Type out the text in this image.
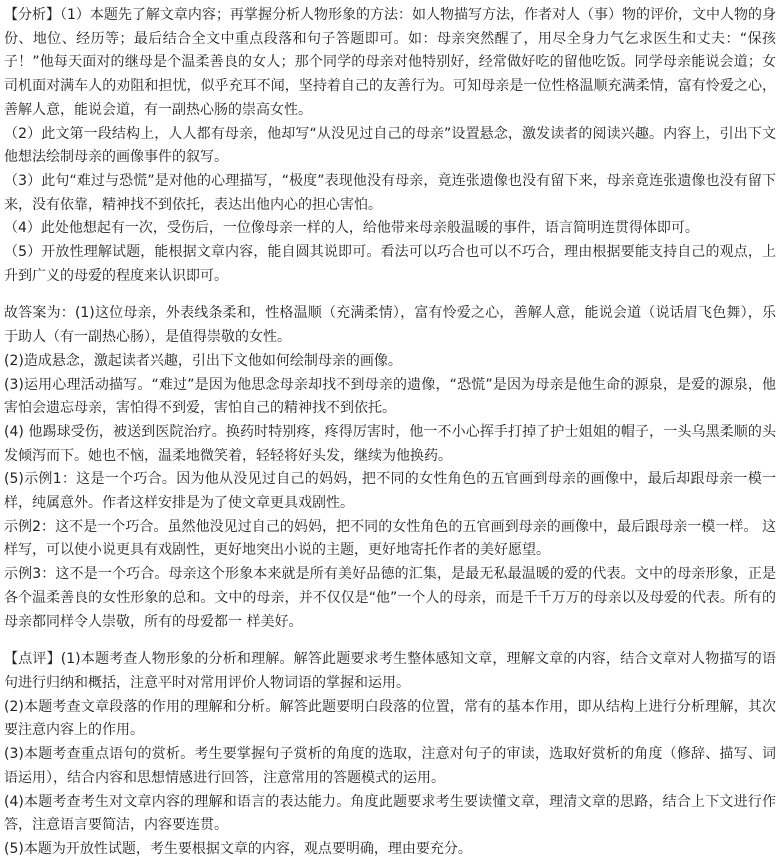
【分析】（1）本题先了解文章内容；再掌握分析人物形象的方法：如人物描写方法，作者对人（事）物的评价，文中人物的身份、地位、经历等；最后结合全文中重点段落和句子答题即可。如：母亲突然醒了，用尽全身力气乞求医生和丈夫：“保孩子！”他每天面对的继母是个温柔善良的女人；那个同学的母亲对他特别好，经常做好吃的留他吃饭。同学母亲能说会道；女司机面对满车人的劝阻和担忧，似乎充耳不闻，坚持着自己的友善行为。可知母亲是一位性格温顺充满柔情，富有怜爱之心，善解人意，能说会道，有一副热心肠的崇高女性。

（2）此文第一段结构上，人人都有母亲，他却写“从没见过自己的母亲”设置悬念，激发读者的阅读兴趣。内容上，引出下文他想法绘制母亲的画像事件的叙写。

（3）此句“难过与恐慌”是对他的心理描写，“极度”表现他没有母亲，竟连张遗像也没有留下来，母亲竟连张遗像也没有留下来，没有依靠，精神找不到依托，表达出他内心的担心害怕。

（4）此处他想起有一次，受伤后，一位像母亲一样的人，给他带来母亲般温暖的事件，语言简明连贯得体即可。

（5）开放性理解试题，能根据文章内容，能自圆其说即可。看法可以巧合也可以不巧合，理由根据要能支持自己的观点，上升到广义的母爱的程度来认识即可。

故答案为：(1)这位母亲，外表线条柔和，性格温顺（充满柔情），富有怜爱之心，善解人意，能说会道（说话眉飞色舞），乐于助人（有一副热心肠），是值得崇敬的女性。

(2)造成悬念，激起读者兴趣，引出下文他如何绘制母亲的画像。

(3)运用心理活动描写。“难过”是因为他思念母亲却找不到母亲的遗像，“恐慌”是因为母亲是他生命的源泉，是爱的源泉，他害怕会遗忘母亲，害怕得不到爱，害怕自己的精神找不到依托。

(4) 他踢球受伤，被送到医院治疗。换药时特别疼，疼得厉害时，他一不小心挥手打掉了护士姐姐的帽子，一头乌黑柔顺的头发倾泻而下。她也不恼，温柔地微笑着，轻轻将好头发，继续为他换药。

(5)示例1：这是一个巧合。因为他从没见过自己的妈妈，把不同的女性角色的五官画到母亲的画像中，最后却跟母亲一模一样，纯属意外。作者这样安排是为了使文章更具戏剧性。

示例2：这不是一个巧合。虽然他没见过自己的妈妈，把不同的女性角色的五官画到母亲的画像中，最后跟母亲一模一样。 这样写，可以使小说更具有戏剧性，更好地突出小说的主题，更好地寄托作者的美好愿望。

示例3：这不是一个巧合。母亲这个形象本来就是所有美好品德的汇集，是最无私最温暖的爱的代表。文中的母亲形象，正是各个温柔善良的女性形象的总和。文中的母亲，并不仅仅是“他”一个人的母亲，而是千千万万的母亲以及母爱的代表。所有的母亲都同样令人崇敬，所有的母爱都一 样美好。

【点评】(1)本题考查人物形象的分析和理解。解答此题要求考生整体感知文章，理解文章的内容，结合文章对人物描写的语句进行归纳和概括，注意平时对常用评价人物词语的掌握和运用。

(2)本题考查文章段落的作用的理解和分析。解答此题要明白段落的位置，常有的基本作用，即从结构上进行分析理解，其次要注意内容上的作用。

(3)本题考查重点语句的赏析。考生要掌握句子赏析的角度的选取，注意对句子的审读，选取好赏析的角度（修辞、描写、词语运用），结合内容和思想情感进行回答，注意常用的答题模式的运用。

(4)本题考查考生对文章内容的理解和语言的表达能力。角度此题要求考生要读懂文章，理清文章的思路，结合上下文进行作答，注意语言要简洁，内容要连贯。

(5)本题为开放性试题，考生要根据文章的内容，观点要明确，理由要充分。
